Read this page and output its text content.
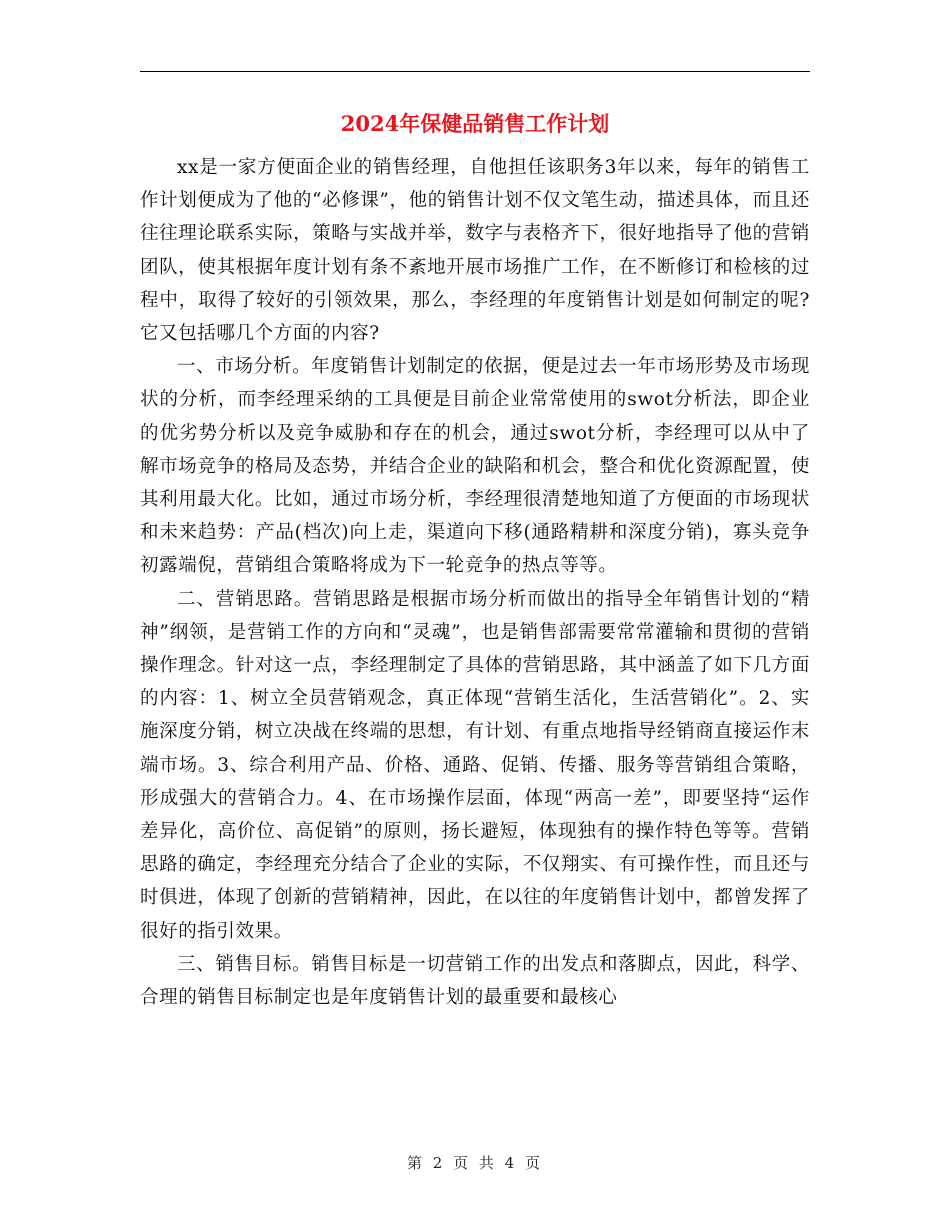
2024年保健品销售工作计划

xx是一家方便面企业的销售经理，自他担任该职务3年以来，每年的销售工作计划便成为了他的“必修课”，他的销售计划不仅文笔生动，描述具体，而且还往往理论联系实际，策略与实战并举，数字与表格齐下，很好地指导了他的营销团队，使其根据年度计划有条不紊地开展市场推广工作，在不断修订和检核的过程中，取得了较好的引领效果，那么，李经理的年度销售计划是如何制定的呢?它又包括哪几个方面的内容?

一、市场分析。年度销售计划制定的依据，便是过去一年市场形势及市场现状的分析，而李经理采纳的工具便是目前企业常常使用的swot分析法，即企业的优劣势分析以及竞争威胁和存在的机会，通过swot分析，李经理可以从中了解市场竞争的格局及态势，并结合企业的缺陷和机会，整合和优化资源配置，使其利用最大化。比如，通过市场分析，李经理很清楚地知道了方便面的市场现状和未来趋势：产品(档次)向上走，渠道向下移(通路精耕和深度分销)，寡头竞争初露端倪，营销组合策略将成为下一轮竞争的热点等等。

二、营销思路。营销思路是根据市场分析而做出的指导全年销售计划的“精神”纲领，是营销工作的方向和“灵魂”，也是销售部需要常常灌输和贯彻的营销操作理念。针对这一点，李经理制定了具体的营销思路，其中涵盖了如下几方面的内容：1、树立全员营销观念，真正体现“营销生活化，生活营销化”。2、实施深度分销，树立决战在终端的思想，有计划、有重点地指导经销商直接运作末端市场。3、综合利用产品、价格、通路、促销、传播、服务等营销组合策略，形成强大的营销合力。4、在市场操作层面，体现“两高一差”，即要坚持“运作差异化，高价位、高促销”的原则，扬长避短，体现独有的操作特色等等。营销思路的确定，李经理充分结合了企业的实际，不仅翔实、有可操作性，而且还与时俱进，体现了创新的营销精神，因此，在以往的年度销售计划中，都曾发挥了很好的指引效果。

三、销售目标。销售目标是一切营销工作的出发点和落脚点，因此，科学、合理的销售目标制定也是年度销售计划的最重要和最核心

第 2 页 共 4 页
